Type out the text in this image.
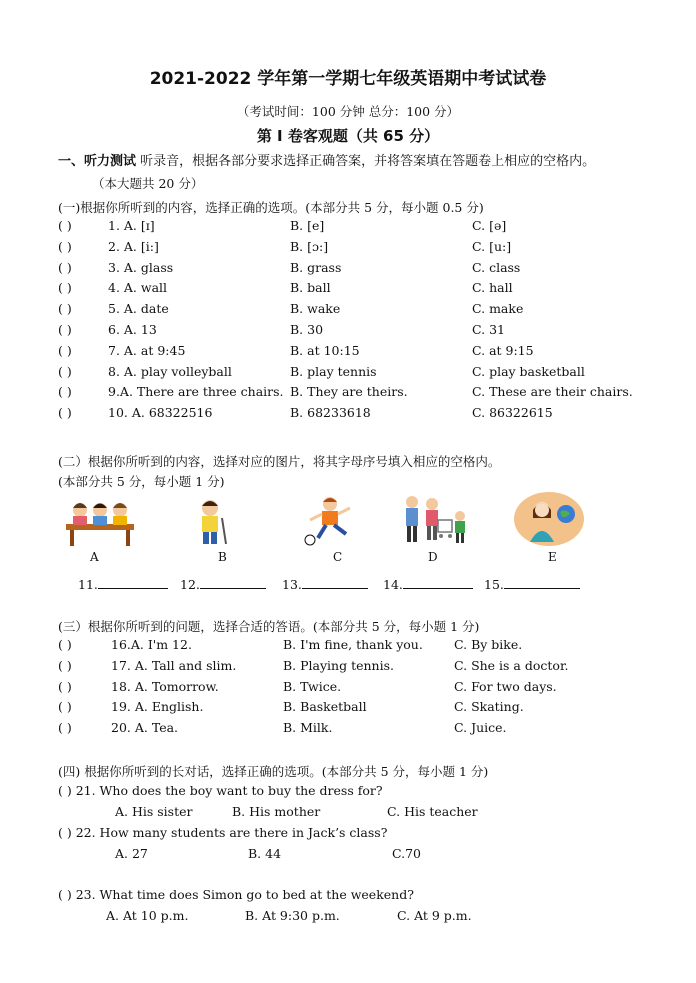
2021-2022 学年第一学期七年级英语期中考试试卷
（考试时间：100 分钟 总分：100 分）
第 I 卷客观题（共 65 分）
一、听力测试 听录音，根据各部分要求选择正确答案，并将答案填在答题卷上相应的空格内。
（本大题共 20 分）
(一)根据你所听到的内容，选择正确的选项。(本部分共 5 分，每小题 0.5 分)
( )	1. A. [ɪ]	B. [e]	C. [ə]
( )	2. A. [i:]	B. [ɔ:]	C. [u:]
( )	3. A. glass	B. grass	C. class
( )	4. A. wall	B. ball	C. hall
( )	5. A. date	B. wake	C. make
( )	6. A. 13	B. 30	C. 31
( )	7. A. at 9:45	B. at 10:15	C. at 9:15
( )	8. A. play volleyball	B. play tennis	C. play basketball
( )	9.A. There are three chairs. B. They are theirs.	C. These are their chairs.
( )	10. A. 68322516	B. 68233618	C. 86322615
(二）根据你所听到的内容，选择对应的图片，将其字母序号填入相应的空格内。
(本部分共 5 分，每小题 1 分)
A	B	C	D	E
11.	12.	13.	14.	15.
(三）根据你所听到的问题，选择合适的答语。(本部分共 5 分，每小题 1 分)
( )	16.A. I'm 12.	B. I'm fine, thank you. C. By bike.
( )	17. A. Tall and slim.	B. Playing tennis.	C. She is a doctor.
( )	18. A. Tomorrow.	B. Twice.	C. For two days.
( )	19. A. English.	B. Basketball	C. Skating.
( )	20. A. Tea.	B. Milk.	C. Juice.
(四) 根据你所听到的长对话，选择正确的选项。(本部分共 5 分，每小题 1 分)
( ) 21. Who does the boy want to buy the dress for?
A. His sister	B. His mother	C. His teacher
( ) 22. How many students are there in Jack’s class?
A. 27	B. 44	C.70
( ) 23. What time does Simon go to bed at the weekend?
A. At 10 p.m.	B. At 9:30 p.m.	C. At 9 p.m.
